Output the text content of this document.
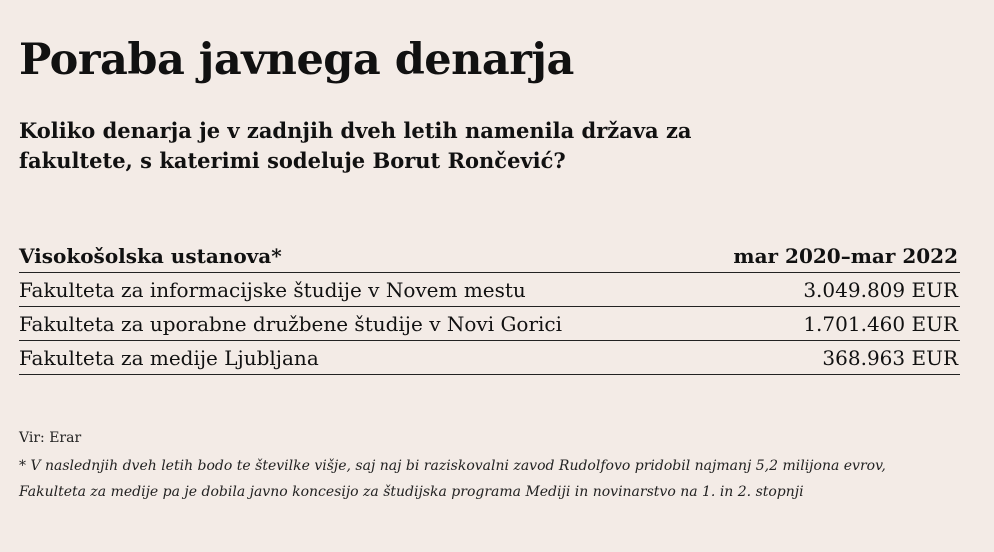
Poraba javnega denarja

Koliko denarja je v zadnjih dveh letih namenila država za fakultete, s katerimi sodeluje Borut Rončević?

Visokošolska ustanova*	mar 2020–mar 2022
Fakulteta za informacijske študije v Novem mestu	3.049.809 EUR
Fakulteta za uporabne družbene študije v Novi Gorici	1.701.460 EUR
Fakulteta za medije Ljubljana	368.963 EUR
Vir: Erar
* V naslednjih dveh letih bodo te številke višje, saj naj bi raziskovalni zavod Rudolfovo pridobil najmanj 5,2 milijona evrov, Fakulteta za medije pa je dobila javno koncesijo za študijska programa Mediji in novinarstvo na 1. in 2. stopnji
